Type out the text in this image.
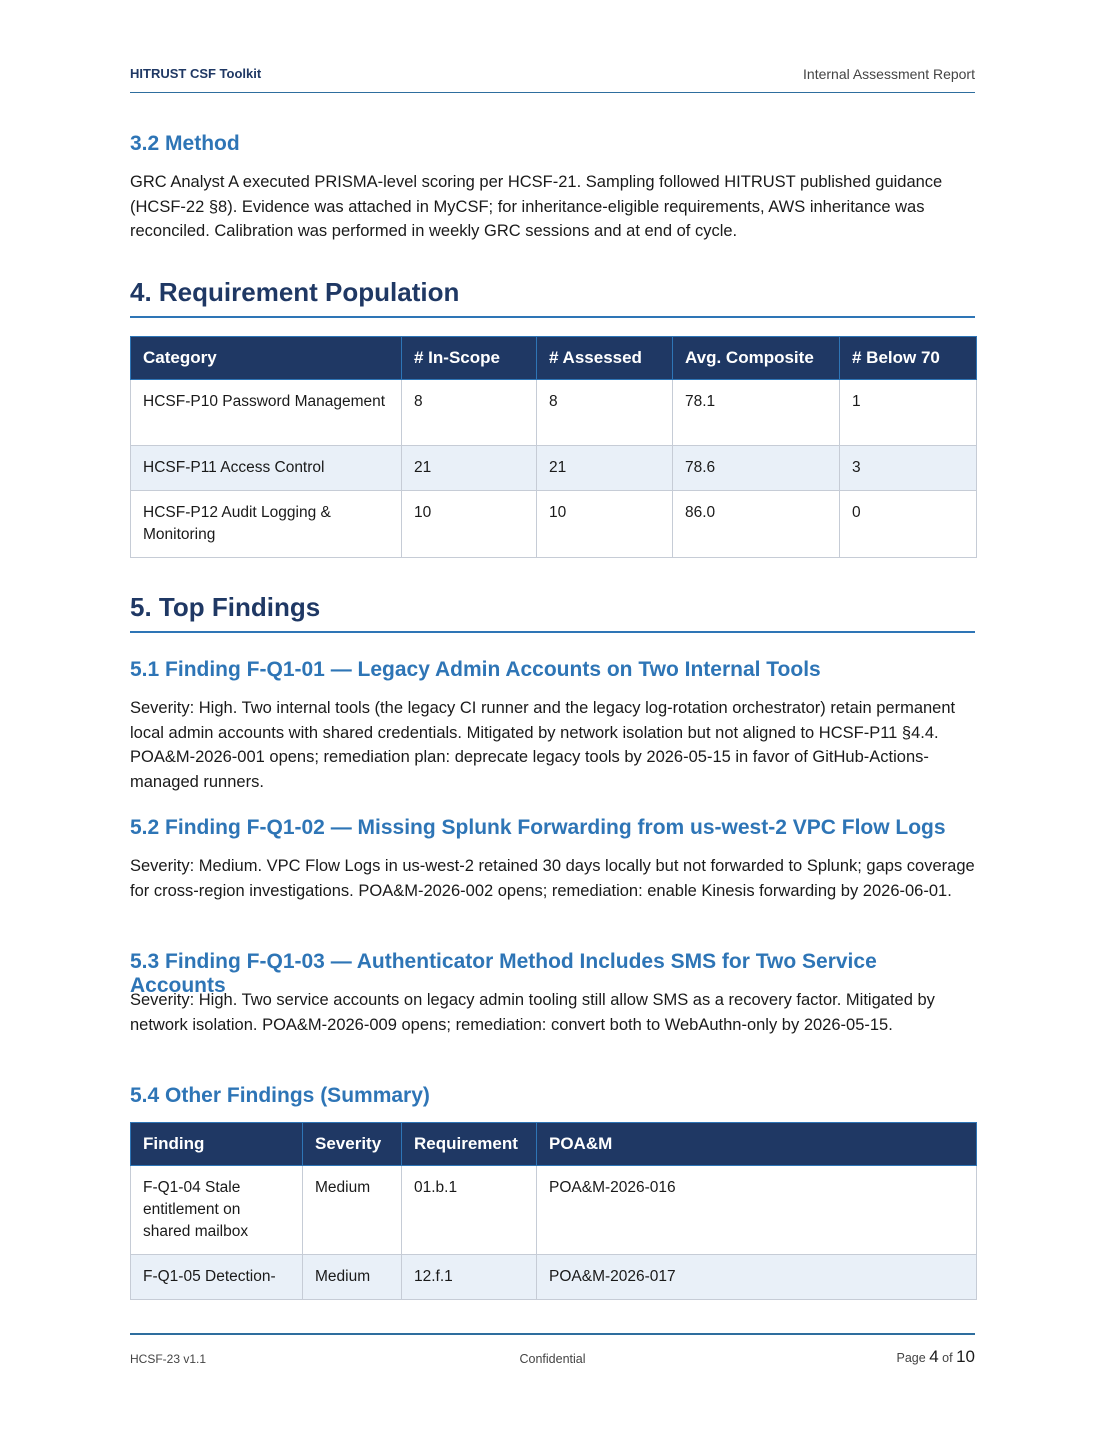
HITRUST CSF Toolkit	Internal Assessment Report
3.2 Method

GRC Analyst A executed PRISMA-level scoring per HCSF-21. Sampling followed HITRUST published guidance (HCSF-22 §8). Evidence was attached in MyCSF; for inheritance-eligible requirements, AWS inheritance was reconciled. Calibration was performed in weekly GRC sessions and at end of cycle.

4. Requirement Population
Category	# In-Scope	# Assessed	Avg. Composite	# Below 70
HCSF-P10 Password Management	8	8	78.1	1
HCSF-P11 Access Control	21	21	78.6	3
HCSF-P12 Audit Logging & Monitoring	10	10	86.0	0
5. Top Findings
5.1 Finding F-Q1-01 — Legacy Admin Accounts on Two Internal Tools

Severity: High. Two internal tools (the legacy CI runner and the legacy log-rotation orchestrator) retain permanent local admin accounts with shared credentials. Mitigated by network isolation but not aligned to HCSF-P11 §4.4. POA&M-2026-001 opens; remediation plan: deprecate legacy tools by 2026-05-15 in favor of GitHub-Actions-managed runners.

5.2 Finding F-Q1-02 — Missing Splunk Forwarding from us-west-2 VPC Flow Logs

Severity: Medium. VPC Flow Logs in us-west-2 retained 30 days locally but not forwarded to Splunk; gaps coverage for cross-region investigations. POA&M-2026-002 opens; remediation: enable Kinesis forwarding by 2026-06-01.

5.3 Finding F-Q1-03 — Authenticator Method Includes SMS for Two Service Accounts

Severity: High. Two service accounts on legacy admin tooling still allow SMS as a recovery factor. Mitigated by network isolation. POA&M-2026-009 opens; remediation: convert both to WebAuthn-only by 2026-05-15.

5.4 Other Findings (Summary)
Finding	Severity	Requirement	POA&M
F-Q1-04 Stale entitlement on shared mailbox	Medium	01.b.1	POA&M-2026-016
F-Q1-05 Detection-	Medium	12.f.1	POA&M-2026-017
HCSF-23 v1.1	Confidential	Page 4 of 10
